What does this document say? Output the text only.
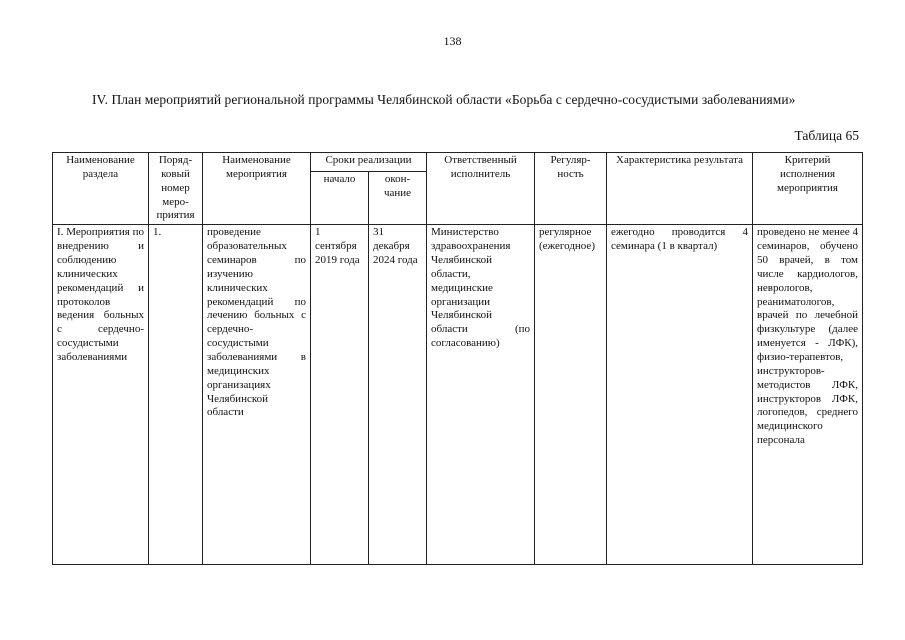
138
IV. План мероприятий региональной программы Челябинской области «Борьба с сердечно-сосудистыми заболеваниями»
Таблица 65
Наименование раздела	Поряд-ковый номер меро-приятия	Наименование мероприятия	Сроки реализации		Ответственный исполнитель	Регуляр-ность	Характеристика результата	Критерий исполнения мероприятия
			начало	окон-чание				
I. Мероприятия по внедрению и соблюдению клинических рекомендаций и протоколов ведения больных с сердечно-сосудистыми заболеваниями	1.	проведение образовательных семинаров по изучению клинических рекомендаций по лечению больных с сердечно-сосудистыми заболеваниями в медицинских организациях Челябинской области	1 сентября 2019 года	31 декабря 2024 года	Министерство здравоохранения Челябинской области, медицинские организации Челябинской области (по согласованию)	регулярное (ежегодное)	ежегодно проводится 4 семинара (1 в квартал)	проведено не менее 4 семинаров, обучено 50 врачей, в том числе кардиологов, неврологов, реаниматологов, врачей по лечебной физкультуре (далее именуется - ЛФК), физио-терапевтов, инструкторов-методистов ЛФК, инструкторов ЛФК, логопедов, среднего медицинского персонала
